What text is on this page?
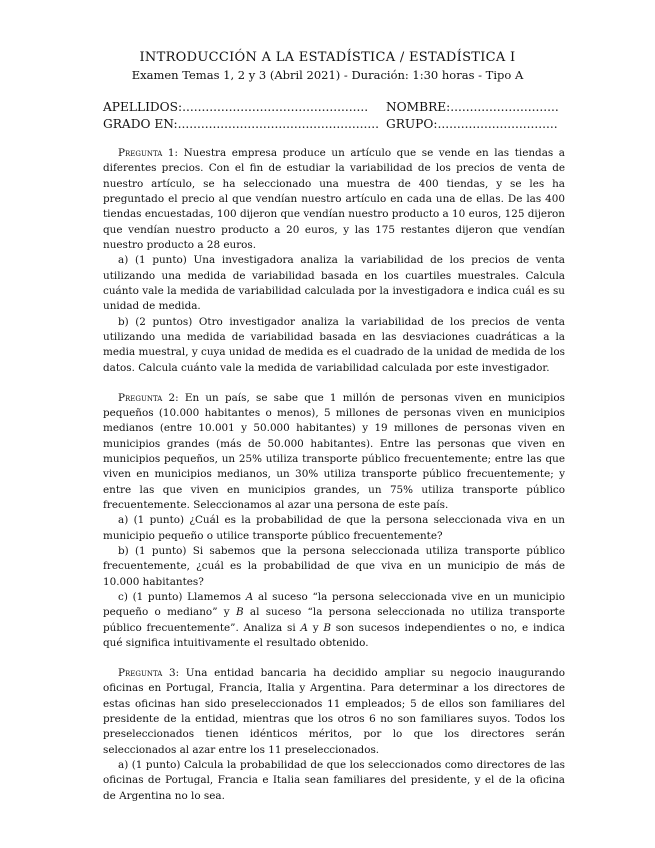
INTRODUCCIÓN A LA ESTADÍSTICA / ESTADÍSTICA I
Examen Temas 1, 2 y 3 (Abril 2021) - Duración: 1:30 horas - Tipo A
APELLIDOS:................................................ NOMBRE:............................
GRADO EN:.................................................... GRUPO:...............................

Pregunta 1: Nuestra empresa produce un artículo que se vende en las tiendas a diferentes precios. Con el fin de estudiar la variabilidad de los precios de venta de nuestro artículo, se ha seleccionado una muestra de 400 tiendas, y se les ha preguntado el precio al que vendían nuestro artículo en cada una de ellas. De las 400 tiendas encuestadas, 100 dijeron que vendían nuestro producto a 10 euros, 125 dijeron que vendían nuestro producto a 20 euros, y las 175 restantes dijeron que vendían nuestro producto a 28 euros.

a) (1 punto) Una investigadora analiza la variabilidad de los precios de venta utilizando una medida de variabilidad basada en los cuartiles muestrales. Calcula cuánto vale la medida de variabilidad calculada por la investigadora e indica cuál es su unidad de medida.

b) (2 puntos) Otro investigador analiza la variabilidad de los precios de venta utilizando una medida de variabilidad basada en las desviaciones cuadráticas a la media muestral, y cuya unidad de medida es el cuadrado de la unidad de medida de los datos. Calcula cuánto vale la medida de variabilidad calculada por este investigador.

Pregunta 2: En un país, se sabe que 1 millón de personas viven en municipios pequeños (10.000 habitantes o menos), 5 millones de personas viven en municipios medianos (entre 10.001 y 50.000 habitantes) y 19 millones de personas viven en municipios grandes (más de 50.000 habitantes). Entre las personas que viven en municipios pequeños, un 25% utiliza transporte público frecuentemente; entre las que viven en municipios medianos, un 30% utiliza transporte público frecuentemente; y entre las que viven en municipios grandes, un 75% utiliza transporte público frecuentemente. Seleccionamos al azar una persona de este país.

a) (1 punto) ¿Cuál es la probabilidad de que la persona seleccionada viva en un municipio pequeño o utilice transporte público frecuentemente?

b) (1 punto) Si sabemos que la persona seleccionada utiliza transporte público frecuentemente, ¿cuál es la probabilidad de que viva en un municipio de más de 10.000 habitantes?

c) (1 punto) Llamemos A al suceso “la persona seleccionada vive en un municipio pequeño o mediano” y B al suceso “la persona seleccionada no utiliza transporte público frecuentemente”. Analiza si A y B son sucesos independientes o no, e indica qué significa intuitivamente el resultado obtenido.

Pregunta 3: Una entidad bancaria ha decidido ampliar su negocio inaugurando oficinas en Portugal, Francia, Italia y Argentina. Para determinar a los directores de estas oficinas han sido preseleccionados 11 empleados; 5 de ellos son familiares del presidente de la entidad, mientras que los otros 6 no son familiares suyos. Todos los preseleccionados tienen idénticos méritos, por lo que los directores serán seleccionados al azar entre los 11 preseleccionados.

a) (1 punto) Calcula la probabilidad de que los seleccionados como directores de las oficinas de Portugal, Francia e Italia sean familiares del presidente, y el de la oficina de Argentina no lo sea.
